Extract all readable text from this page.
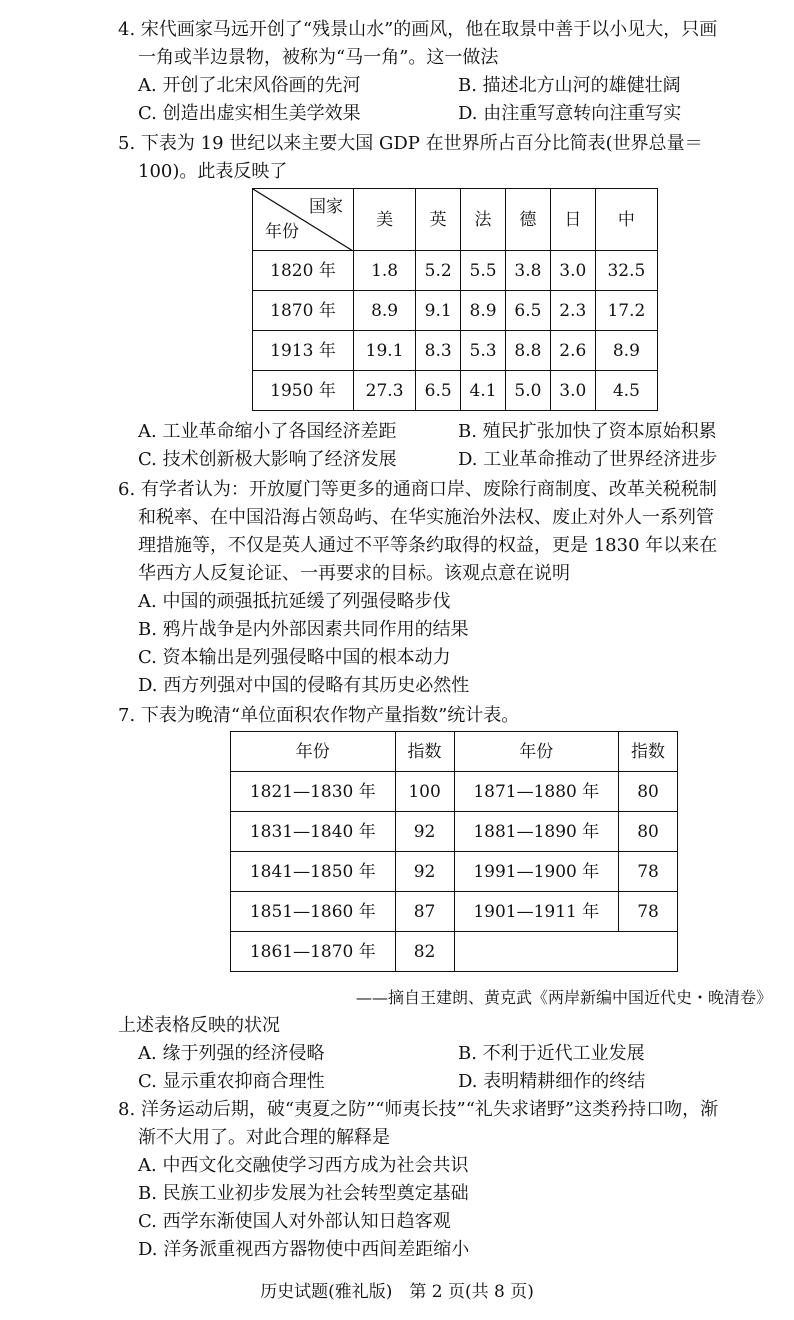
4. 宋代画家马远开创了“残景山水”的画风，他在取景中善于以小见大，只画
一角或半边景物，被称为“马一角”。这一做法
A. 开创了北宋风俗画的先河	B. 描述北方山河的雄健壮阔
C. 创造出虚实相生美学效果	D. 由注重写意转向注重写实
5. 下表为 19 世纪以来主要大国 GDP 在世界所占百分比简表(世界总量＝
100)。此表反映了
国家
年份	美	英	法	德	日	中
1820 年	1.8	5.2	5.5	3.8	3.0	32.5
1870 年	8.9	9.1	8.9	6.5	2.3	17.2
1913 年	19.1	8.3	5.3	8.8	2.6	8.9
1950 年	27.3	6.5	4.1	5.0	3.0	4.5
A. 工业革命缩小了各国经济差距	B. 殖民扩张加快了资本原始积累
C. 技术创新极大影响了经济发展	D. 工业革命推动了世界经济进步
6. 有学者认为：开放厦门等更多的通商口岸、废除行商制度、改革关税税制
和税率、在中国沿海占领岛屿、在华实施治外法权、废止对外人一系列管
理措施等，不仅是英人通过不平等条约取得的权益，更是 1830 年以来在
华西方人反复论证、一再要求的目标。该观点意在说明
A. 中国的顽强抵抗延缓了列强侵略步伐
B. 鸦片战争是内外部因素共同作用的结果
C. 资本输出是列强侵略中国的根本动力
D. 西方列强对中国的侵略有其历史必然性
7. 下表为晚清“单位面积农作物产量指数”统计表。
年份	指数	年份	指数
1821—1830 年	100	1871—1880 年	80
1831—1840 年	92	1881—1890 年	80
1841—1850 年	92	1991—1900 年	78
1851—1860 年	87	1901—1911 年	78
1861—1870 年	82		
——摘自王建朗、黄克武《两岸新编中国近代史・晚清卷》
上述表格反映的状况
A. 缘于列强的经济侵略	B. 不利于近代工业发展
C. 显示重农抑商合理性	D. 表明精耕细作的终结
8. 洋务运动后期，破“夷夏之防”“师夷长技”“礼失求诸野”这类矜持口吻，渐
渐不大用了。对此合理的解释是
A. 中西文化交融使学习西方成为社会共识
B. 民族工业初步发展为社会转型奠定基础
C. 西学东渐使国人对外部认知日趋客观
D. 洋务派重视西方器物使中西间差距缩小
历史试题(雅礼版)　第 2 页(共 8 页)
